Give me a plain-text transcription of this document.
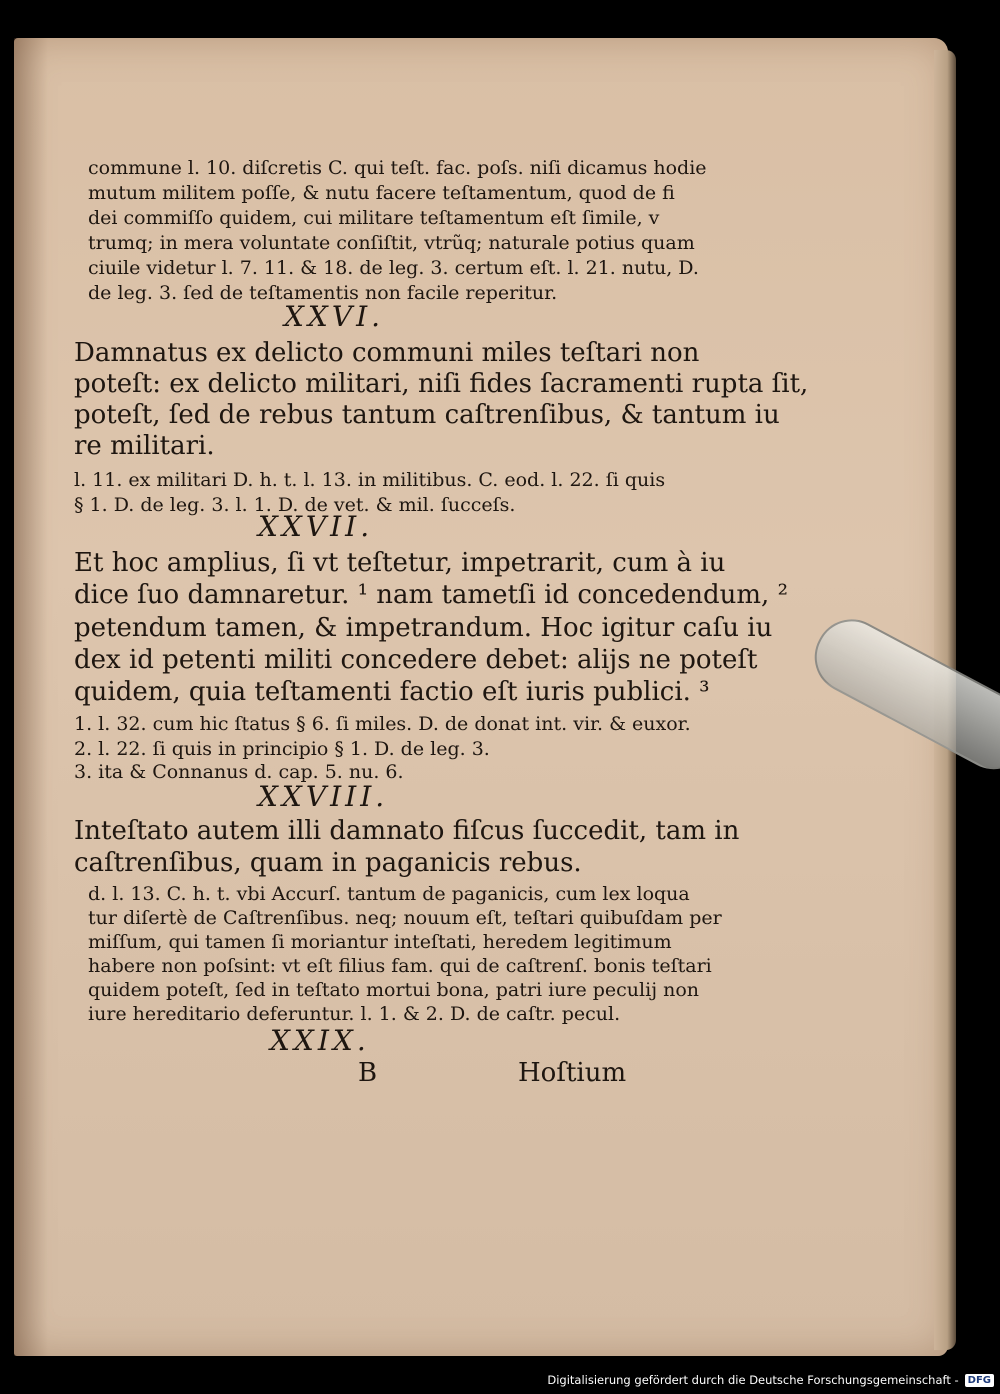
commune l. 10. diſcretis C. qui teſt. fac. poſs. niſi dicamus hodie
mutum militem poſſe, & nutu facere teſtamentum, quod de fi
dei commiſſo quidem, cui militare teſtamentum eſt ſimile, v
trumq; in mera voluntate conſiſtit, vtrũq; naturale potius quam
ciuile videtur l. 7. 11. & 18. de leg. 3. certum eſt. l. 21. nutu, D.
de leg. 3. ſed de teſtamentis non facile reperitur.
XXVI.
Damnatus ex delicto communi miles teſtari non
poteſt: ex delicto militari, niſi fides ſacramenti rupta ſit,
poteſt, ſed de rebus tantum caſtrenſibus, & tantum iu
re militari.
l. 11. ex militari D. h. t. l. 13. in militibus. C. eod. l. 22. ſi quis
§ 1. D. de leg. 3. l. 1. D. de vet. & mil. ſucceſs.
XXVII.
Et hoc amplius, ſi vt teſtetur, impetrarit, cum à iu
dice ſuo damnaretur. ¹ nam tametſi id concedendum, ²
petendum tamen, & impetrandum. Hoc igitur caſu iu
dex id petenti militi concedere debet: alijs ne poteſt
quidem, quia teſtamenti factio eſt iuris publici. ³
1. l. 32. cum hic ſtatus § 6. ſi miles. D. de donat int. vir. & euxor.
2. l. 22. ſi quis in principio § 1. D. de leg. 3.
3. ita & Connanus d. cap. 5. nu. 6.
XXVIII.
Inteſtato autem illi damnato fiſcus ſuccedit, tam in
caſtrenſibus, quam in paganicis rebus.
d. l. 13. C. h. t. vbi Accurſ. tantum de paganicis, cum lex loqua
tur diſertè de Caſtrenſibus. neq; nouum eſt, teſtari quibuſdam per
miſſum, qui tamen ſi moriantur inteſtati, heredem legitimum
habere non poſsint: vt eſt filius fam. qui de caſtrenſ. bonis teſtari
quidem poteſt, ſed in teſtato mortui bona, patri iure peculij non
iure hereditario deferuntur. l. 1. & 2. D. de caſtr. pecul.
XXIX.
B	Hoſtium
Digitalisierung gefördert durch die Deutsche Forschungsgemeinschaft - DFG
